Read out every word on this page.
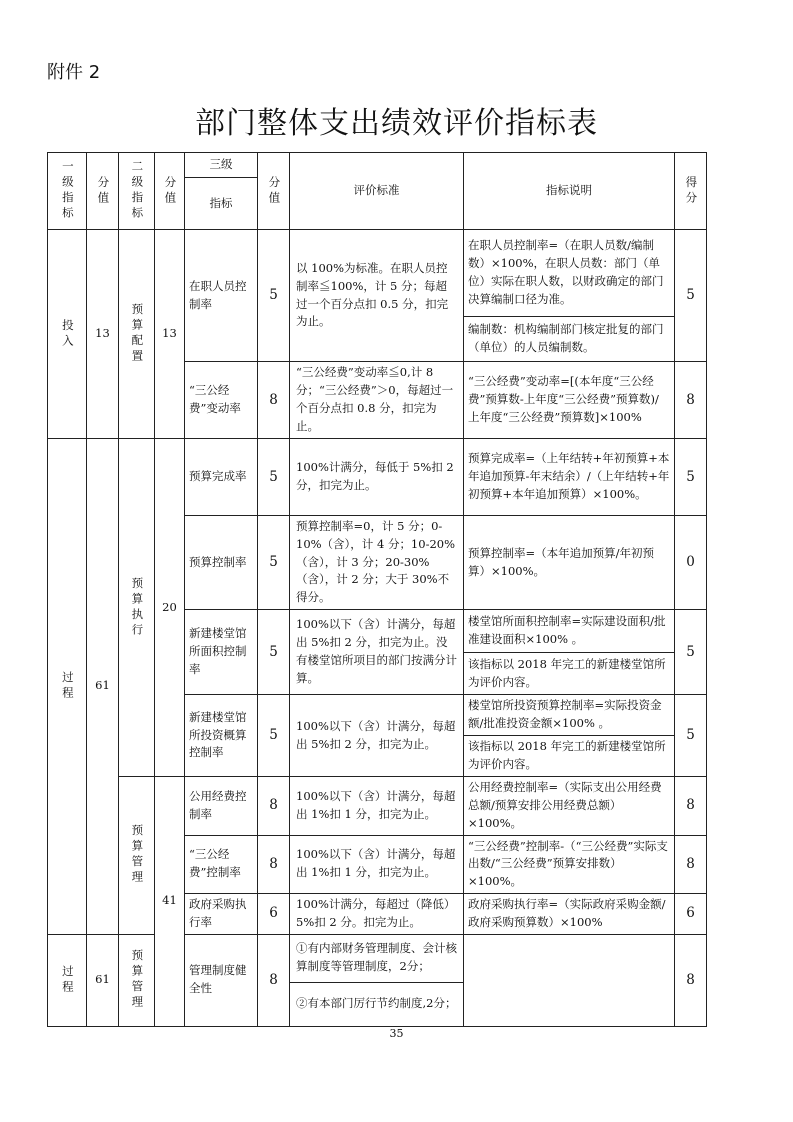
附件 2
部门整体支出绩效评价指标表
一级指标	分值	二级指标	分值	三级	分值	评价标准	指标说明	得分

				指标				

投入	13	预算配置	13	在职人员控制率	5	以 100%为标准。在职人员控制率≦100%，计 5 分；每超过一个百分点扣 0.5 分，扣完为止。	在职人员控制率=（在职人员数/编制数）×100%，在职人员数：部门（单位）实际在职人数，以财政确定的部门决算编制口径为准。	5
							编制数：机构编制部门核定批复的部门（单位）的人员编制数。	
				“三公经费”变动率	8	“三公经费”变动率≦0,计 8 分；“三公经费”＞0，每超过一个百分点扣 0.8 分，扣完为止。	“三公经费”变动率=[(本年度“三公经费”预算数-上年度“三公经费”预算数)/上年度“三公经费”预算数]×100%	8

过程	61	预算执行	20	预算完成率	5	100%计满分，每低于 5%扣 2 分，扣完为止。	预算完成率=（上年结转+年初预算+本年追加预算-年末结余）/（上年结转+年初预算+本年追加预算）×100%。	5
				预算控制率	5	预算控制率=0，计 5 分；0-10%（含），计 4 分；10-20%（含），计 3 分；20-30%（含），计 2 分；大于 30%不得分。	预算控制率=（本年追加预算/年初预算）×100%。	0
				新建楼堂馆所面积控制率	5	100%以下（含）计满分，每超出 5%扣 2 分，扣完为止。没有楼堂馆所项目的部门按满分计算。	楼堂馆所面积控制率=实际建设面积/批准建设面积×100% 。	5
							该指标以 2018 年完工的新建楼堂馆所为评价内容。	
				新建楼堂馆所投资概算控制率	5	100%以下（含）计满分，每超出 5%扣 2 分，扣完为止。	楼堂馆所投资预算控制率=实际投资金额/批准投资金额×100% 。	5
							该指标以 2018 年完工的新建楼堂馆所为评价内容。	

		预算管理	41	公用经费控制率	8	100%以下（含）计满分，每超出 1%扣 1 分，扣完为止。	公用经费控制率=（实际支出公用经费总额/预算安排公用经费总额）×100%。	8
				“三公经费”控制率	8	100%以下（含）计满分，每超出 1%扣 1 分，扣完为止。	“三公经费”控制率-（“三公经费”实际支出数/“三公经费”预算安排数）×100%。	8
				政府采购执行率	6	100%计满分，每超过（降低）5%扣 2 分。扣完为止。	政府采购执行率=（实际政府采购金额/政府采购预算数）×100%	6

过程	61	预算管理		管理制度健全性	8	①有内部财务管理制度、会计核算制度等管理制度，2分；		8
						②有本部门厉行节约制度,2分；		
35
